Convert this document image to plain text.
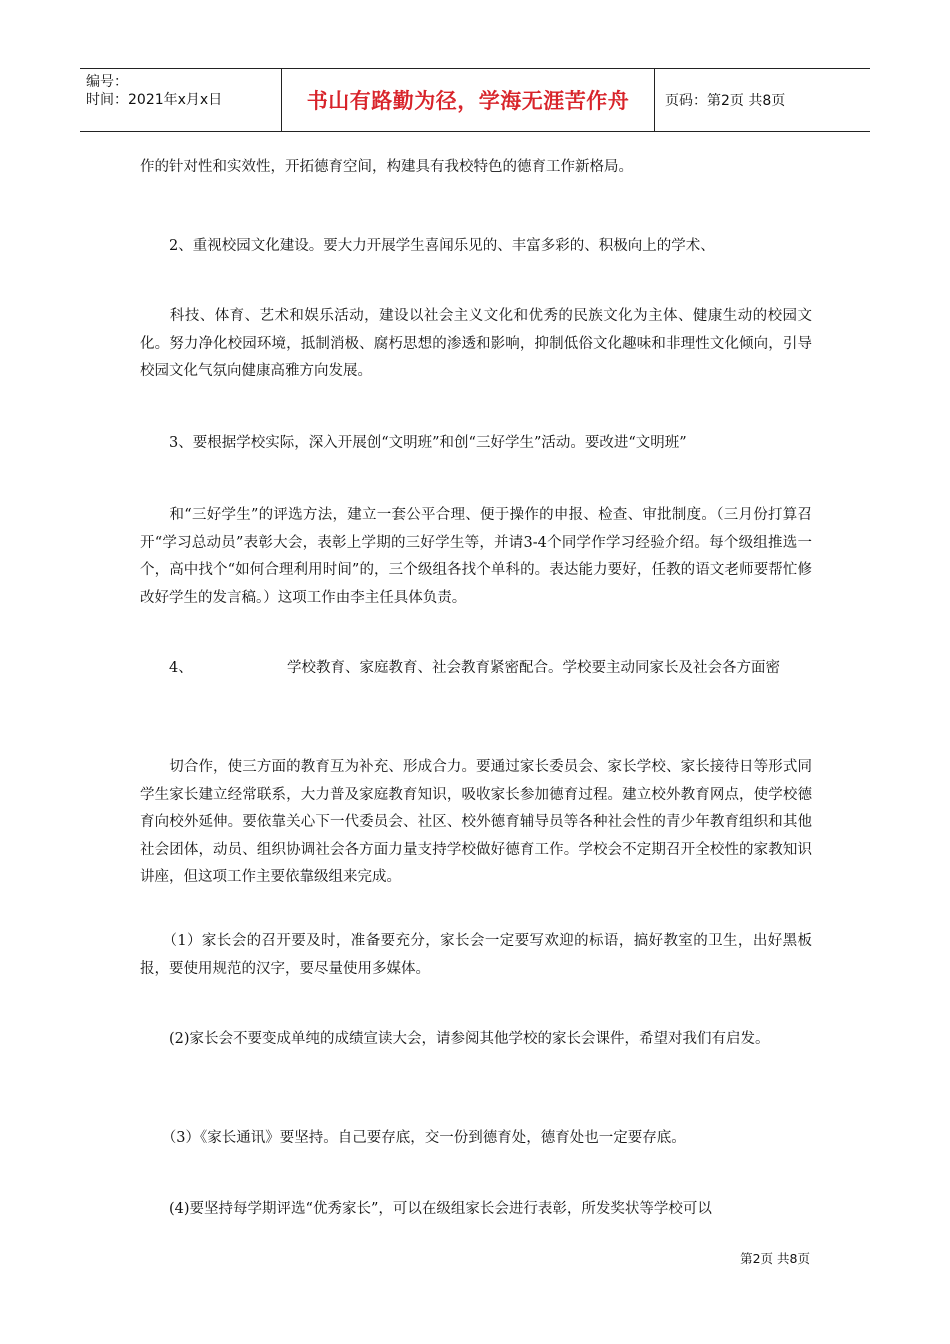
编号：
时间：2021年x月x日	书山有路勤为径，学海无涯苦作舟	页码：第2页 共8页

作的针对性和实效性，开拓德育空间，构建具有我校特色的德育工作新格局。

　　2、重视校园文化建设。要大力开展学生喜闻乐见的、丰富多彩的、积极向上的学术、

　　科技、体育、艺术和娱乐活动，建设以社会主义文化和优秀的民族文化为主体、健康生动的校园文化。努力净化校园环境，抵制消极、腐朽思想的渗透和影响，抑制低俗文化趣味和非理性文化倾向，引导校园文化气氛向健康高雅方向发展。

　　3、要根据学校实际，深入开展创“文明班”和创“三好学生”活动。要改进“文明班”

　　和“三好学生”的评选方法，建立一套公平合理、便于操作的申报、检查、审批制度。（三月份打算召开“学习总动员”表彰大会，表彰上学期的三好学生等，并请3-4个同学作学习经验介绍。每个级组推选一个，高中找个“如何合理利用时间”的，三个级组各找个单科的。表达能力要好，任教的语文老师要帮忙修改好学生的发言稿。）这项工作由李主任具体负责。

　　4、　　　　　　　学校教育、家庭教育、社会教育紧密配合。学校要主动同家长及社会各方面密

　　切合作，使三方面的教育互为补充、形成合力。要通过家长委员会、家长学校、家长接待日等形式同学生家长建立经常联系，大力普及家庭教育知识，吸收家长参加德育过程。建立校外教育网点，使学校德育向校外延伸。要依靠关心下一代委员会、社区、校外德育辅导员等各种社会性的青少年教育组织和其他社会团体，动员、组织协调社会各方面力量支持学校做好德育工作。学校会不定期召开全校性的家教知识讲座，但这项工作主要依靠级组来完成。

　　（1）家长会的召开要及时，准备要充分，家长会一定要写欢迎的标语，搞好教室的卫生，出好黑板报，要使用规范的汉字，要尽量使用多媒体。

　　(2)家长会不要变成单纯的成绩宣读大会，请参阅其他学校的家长会课件，希望对我们有启发。

　　（3）《家长通讯》要坚持。自己要存底，交一份到德育处，德育处也一定要存底。

　　(4)要坚持每学期评选“优秀家长”，可以在级组家长会进行表彰，所发奖状等学校可以

第2页 共8页
